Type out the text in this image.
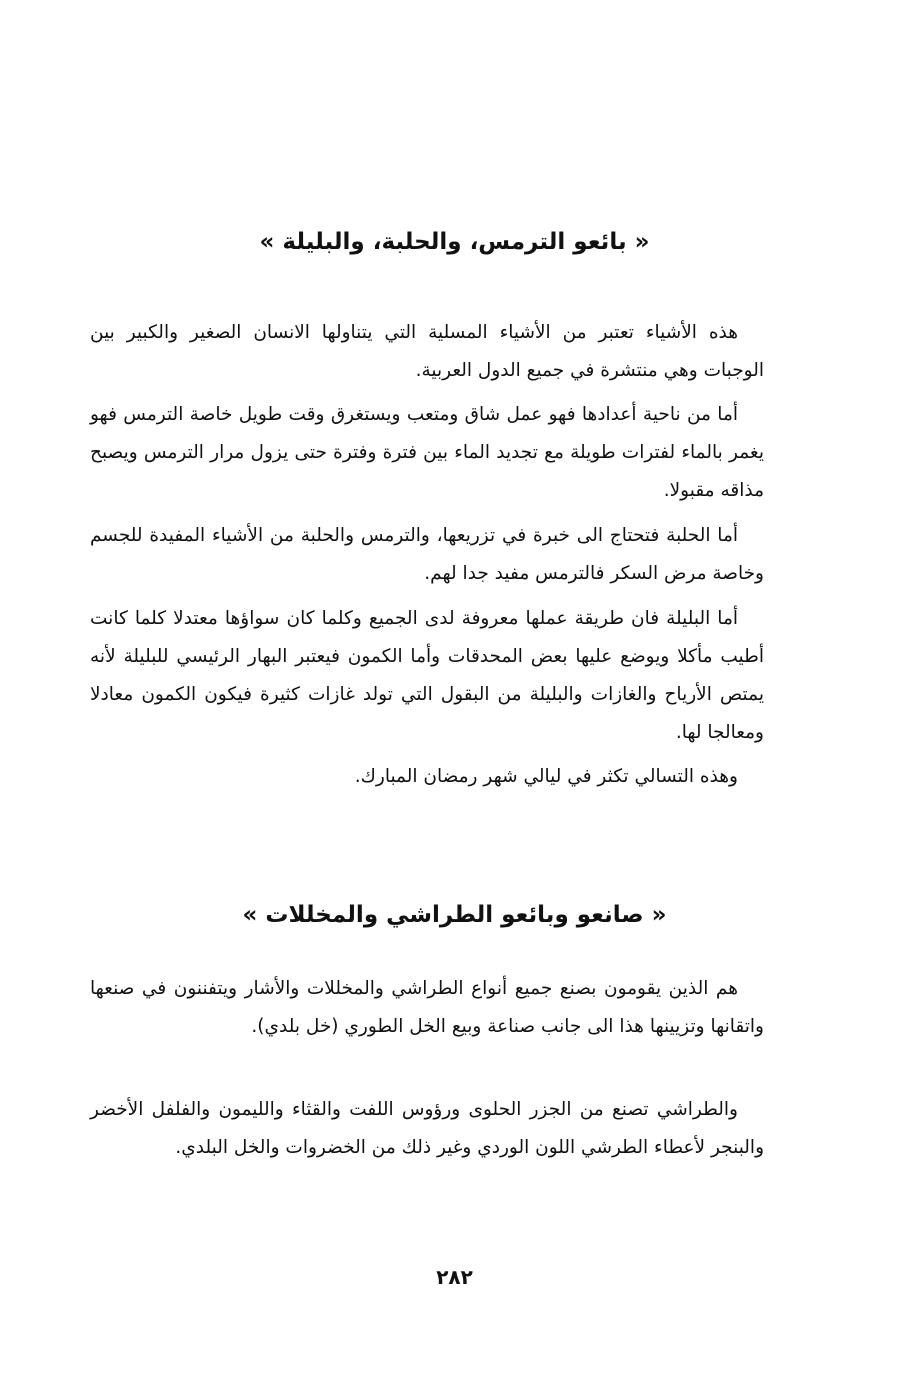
« بائعو الترمس، والحلبة، والبليلة »

هذه الأشياء تعتبر من الأشياء المسلية التي يتناولها الانسان الصغير والكبير بين الوجبات وهي منتشرة في جميع الدول العربية.

أما من ناحية أعدادها فهو عمل شاق ومتعب ويستغرق وقت طويل خاصة الترمس فهو يغمر بالماء لفترات طويلة مع تجديد الماء بين فترة وفترة حتى يزول مرار الترمس ويصبح مذاقه مقبولا.

أما الحلبة فتحتاج الى خبرة في تزريعها، والترمس والحلبة من الأشياء المفيدة للجسم وخاصة مرض السكر فالترمس مفيد جدا لهم.

أما البليلة فان طريقة عملها معروفة لدى الجميع وكلما كان سواؤها معتدلا كلما كانت أطيب مأكلا ويوضع عليها بعض المحدقات وأما الكمون فيعتبر البهار الرئيسي للبليلة لأنه يمتص الأرياح والغازات والبليلة من البقول التي تولد غازات كثيرة فيكون الكمون معادلا ومعالجا لها.

وهذه التسالي تكثر في ليالي شهر رمضان المبارك.

« صانعو وبائعو الطراشي والمخللات »

هم الذين يقومون بصنع جميع أنواع الطراشي والمخللات والأشار ويتفننون في صنعها واتقانها وتزيينها هذا الى جانب صناعة وبيع الخل الطوري (خل بلدي).

والطراشي تصنع من الجزر الحلوى ورؤوس اللفت والقثاء والليمون والفلفل الأخضر والبنجر لأعطاء الطرشي اللون الوردي وغير ذلك من الخضروات والخل البلدي.

٢٨٢
